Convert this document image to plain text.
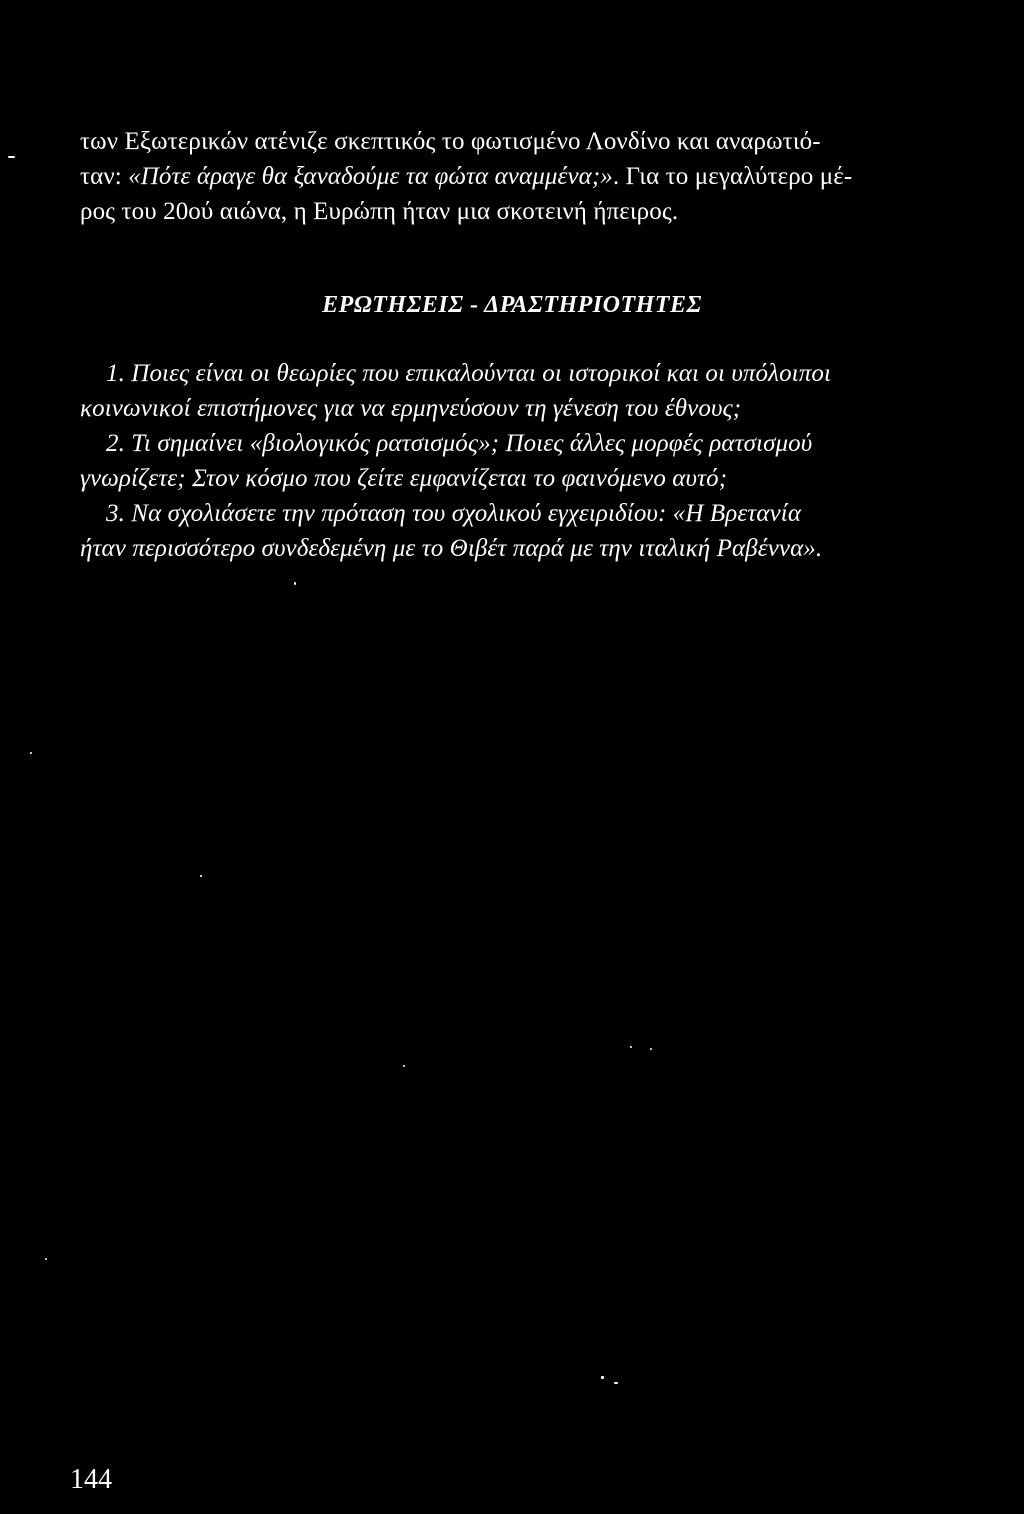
των Εξωτερικών ατένιζε σκεπτικός το φωτισμένο Λονδίνο και αναρωτιό-
ταν: «Πότε άραγε θα ξαναδούμε τα φώτα αναμμένα;». Για το μεγαλύτερο μέ-
ρος του 20ού αιώνα, η Ευρώπη ήταν μια σκοτεινή ήπειρος.
ΕΡΩΤΗΣΕΙΣ - ΔΡΑΣΤΗΡΙΟΤΗΤΕΣ
1. Ποιες είναι οι θεωρίες που επικαλούνται οι ιστορικοί και οι υπόλοιποι
κοινωνικοί επιστήμονες για να ερμηνεύσουν τη γένεση του έθνους;
2. Τι σημαίνει «βιολογικός ρατσισμός»; Ποιες άλλες μορφές ρατσισμού
γνωρίζετε; Στον κόσμο που ζείτε εμφανίζεται το φαινόμενο αυτό;
3. Να σχολιάσετε την πρόταση του σχολικού εγχειριδίου: «Η Βρετανία
ήταν περισσότερο συνδεδεμένη με το Θιβέτ παρά με την ιταλική Ραβέννα».
144
